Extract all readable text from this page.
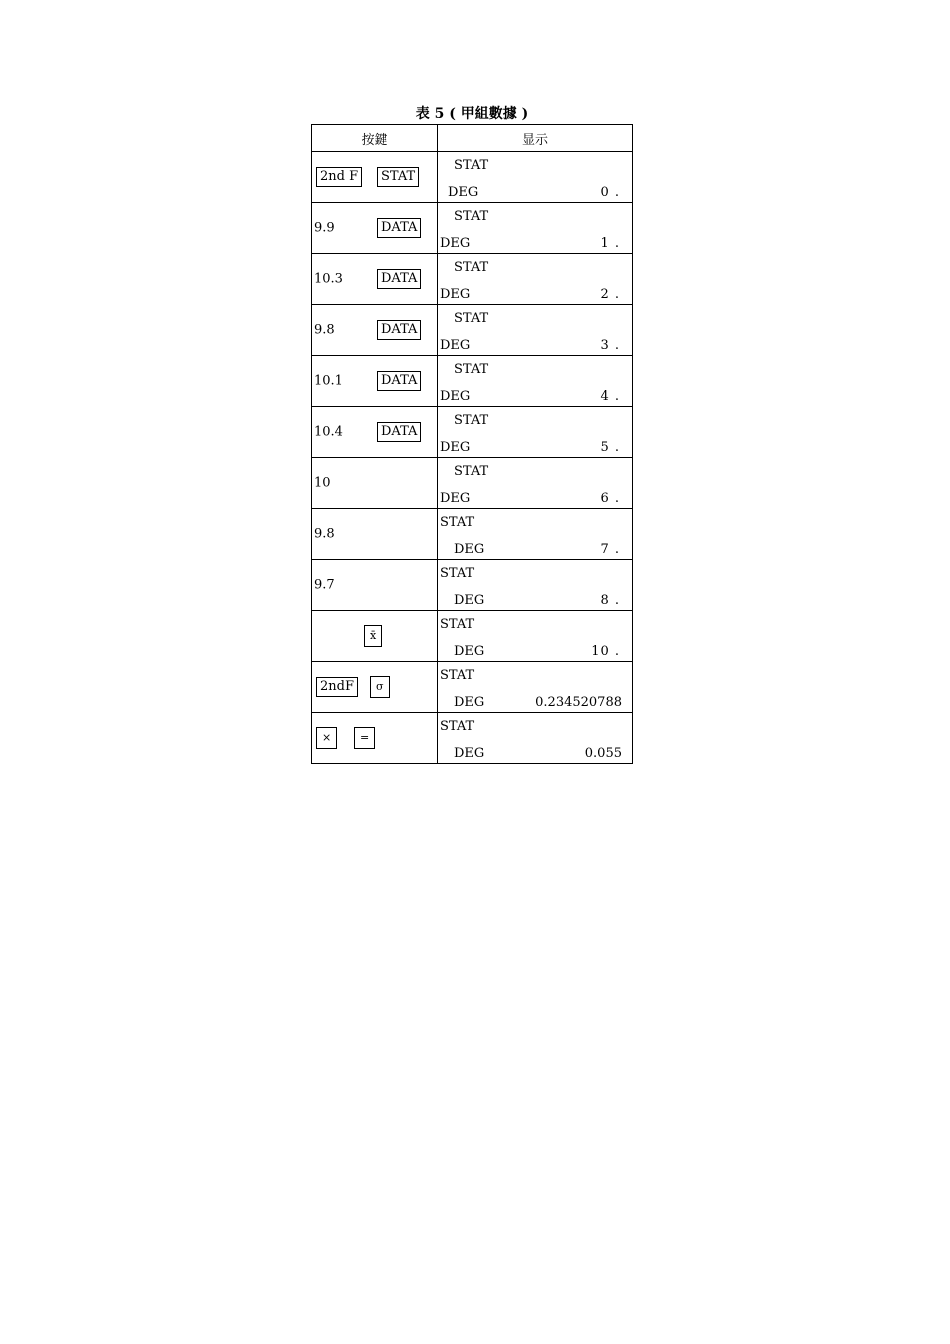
表 5 ( 甲組數據 )
按鍵	显示

2nd F STAT	STAT
DEG 0 .

9.9 DATA	STAT
DEG 1 .

10.3 DATA	STAT
DEG 2 .

9.8 DATA	STAT
DEG 3 .

10.1 DATA	STAT
DEG 4 .

10.4 DATA	STAT
DEG 5 .

10	STAT
DEG 6 .

9.8	STAT
DEG 7 .

9.7	STAT
DEG 8 .

x̄	STAT
DEG 10 .

2ndF σ	STAT
DEG 0.234520788

× =	STAT
DEG 0.055
